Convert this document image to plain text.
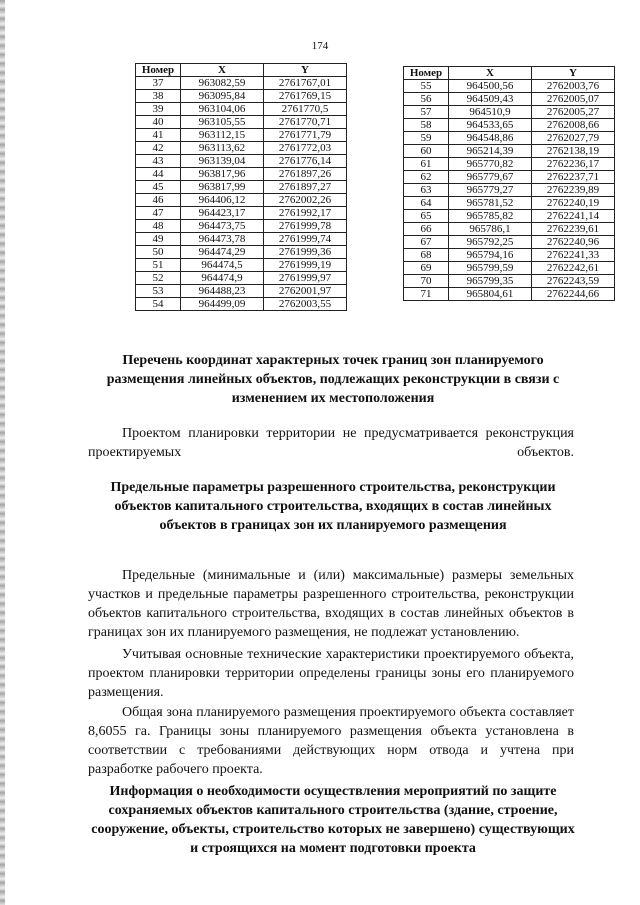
174
Номер	X	Y
37	963082,59	2761767,01
38	963095,84	2761769,15
39	963104,06	2761770,5
40	963105,55	2761770,71
41	963112,15	2761771,79
42	963113,62	2761772,03
43	963139,04	2761776,14
44	963817,96	2761897,26
45	963817,99	2761897,27
46	964406,12	2762002,26
47	964423,17	2761992,17
48	964473,75	2761999,78
49	964473,78	2761999,74
50	964474,29	2761999,36
51	964474,5	2761999,19
52	964474,9	2761999,97
53	964488,23	2762001,97
54	964499,09	2762003,55
Номер	X	Y
55	964500,56	2762003,76
56	964509,43	2762005,07
57	964510,9	2762005,27
58	964533,65	2762008,66
59	964548,86	2762027,79
60	965214,39	2762138,19
61	965770,82	2762236,17
62	965779,67	2762237,71
63	965779,27	2762239,89
64	965781,52	2762240,19
65	965785,82	2762241,14
66	965786,1	2762239,61
67	965792,25	2762240,96
68	965794,16	2762241,33
69	965799,59	2762242,61
70	965799,35	2762243,59
71	965804,61	2762244,66
Перечень координат характерных точек границ зон планируемого размещения линейных объектов, подлежащих реконструкции в связи с изменением их местоположения
Проектом планировки территории не предусматривается реконструкция проектируемых объектов.
Предельные параметры разрешенного строительства, реконструкции объектов капитального строительства, входящих в состав линейных объектов в границах зон их планируемого размещения
Предельные (минимальные и (или) максимальные) размеры земельных участков и предельные параметры разрешенного строительства, реконструкции объектов капитального строительства, входящих в состав линейных объектов в границах зон их планируемого размещения, не подлежат установлению.
Учитывая основные технические характеристики проектируемого объекта, проектом планировки территории определены границы зоны его планируемого размещения.
Общая зона планируемого размещения проектируемого объекта составляет 8,6055 га. Границы зоны планируемого размещения объекта установлена в соответствии с требованиями действующих норм отвода и учтена при разработке рабочего проекта.
Информация о необходимости осуществления мероприятий по защите сохраняемых объектов капитального строительства (здание, строение, сооружение, объекты, строительство которых не завершено) существующих и строящихся на момент подготовки проекта
